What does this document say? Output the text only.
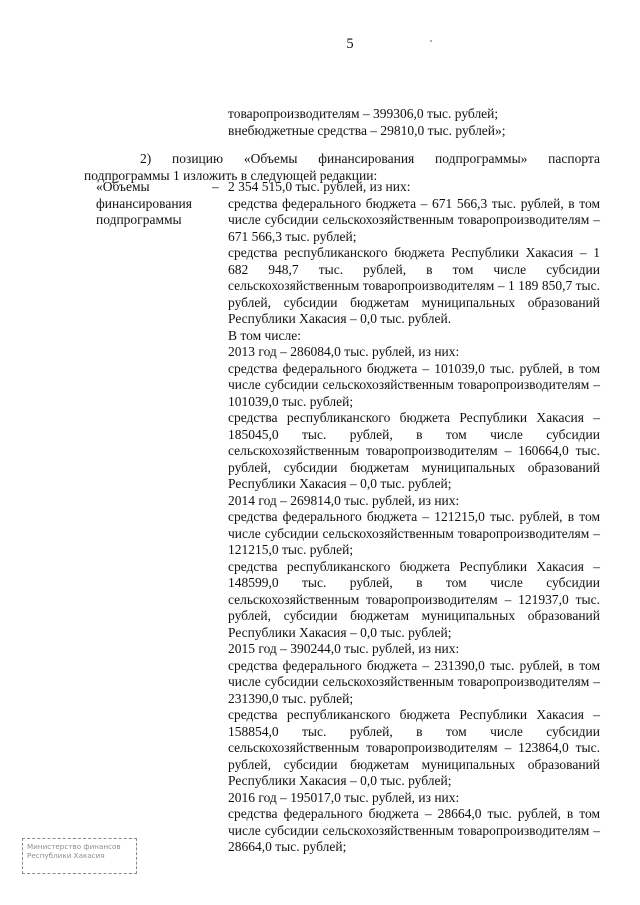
5
товаропроизводителям – 399306,0 тыс. рублей;
внебюджетные средства – 29810,0 тыс. рублей»;
2) позицию «Объемы финансирования подпрограммы» паспорта подпрограммы 1 изложить в следующей редакции:
«Объемы
финансирования
подпрограммы
– 2 354 515,0 тыс. рублей, из них:
средства федерального бюджета – 671 566,3 тыс. рублей, в том числе субсидии сельскохозяйственным товаропроизводителям – 671 566,3 тыс. рублей;
средства республиканского бюджета Республики Хакасия – 1 682 948,7 тыс. рублей, в том числе субсидии сельскохозяйственным товаропроизводителям – 1 189 850,7 тыс. рублей, субсидии бюджетам муниципальных образований Республики Хакасия – 0,0 тыс. рублей.
В том числе:
2013 год – 286084,0 тыс. рублей, из них:
средства федерального бюджета – 101039,0 тыс. рублей, в том числе субсидии сельскохозяйственным товаропроизводителям – 101039,0 тыс. рублей;
средства республиканского бюджета Республики Хакасия – 185045,0 тыс. рублей, в том числе субсидии сельскохозяйственным товаропроизводителям – 160664,0 тыс. рублей, субсидии бюджетам муниципальных образований Республики Хакасия – 0,0 тыс. рублей;
2014 год – 269814,0 тыс. рублей, из них:
средства федерального бюджета – 121215,0 тыс. рублей, в том числе субсидии сельскохозяйственным товаропроизводителям – 121215,0 тыс. рублей;
средства республиканского бюджета Республики Хакасия – 148599,0 тыс. рублей, в том числе субсидии сельскохозяйственным товаропроизводителям – 121937,0 тыс. рублей, субсидии бюджетам муниципальных образований Республики Хакасия – 0,0 тыс. рублей;
2015 год – 390244,0 тыс. рублей, из них:
средства федерального бюджета – 231390,0 тыс. рублей, в том числе субсидии сельскохозяйственным товаропроизводителям – 231390,0 тыс. рублей;
средства республиканского бюджета Республики Хакасия – 158854,0 тыс. рублей, в том числе субсидии сельскохозяйственным товаропроизводителям – 123864,0 тыс. рублей, субсидии бюджетам муниципальных образований Республики Хакасия – 0,0 тыс. рублей;
2016 год – 195017,0 тыс. рублей, из них:
средства федерального бюджета – 28664,0 тыс. рублей, в том числе субсидии сельскохозяйственным товаропроизводителям – 28664,0 тыс. рублей;
Министерство финансов
Республики Хакасия
